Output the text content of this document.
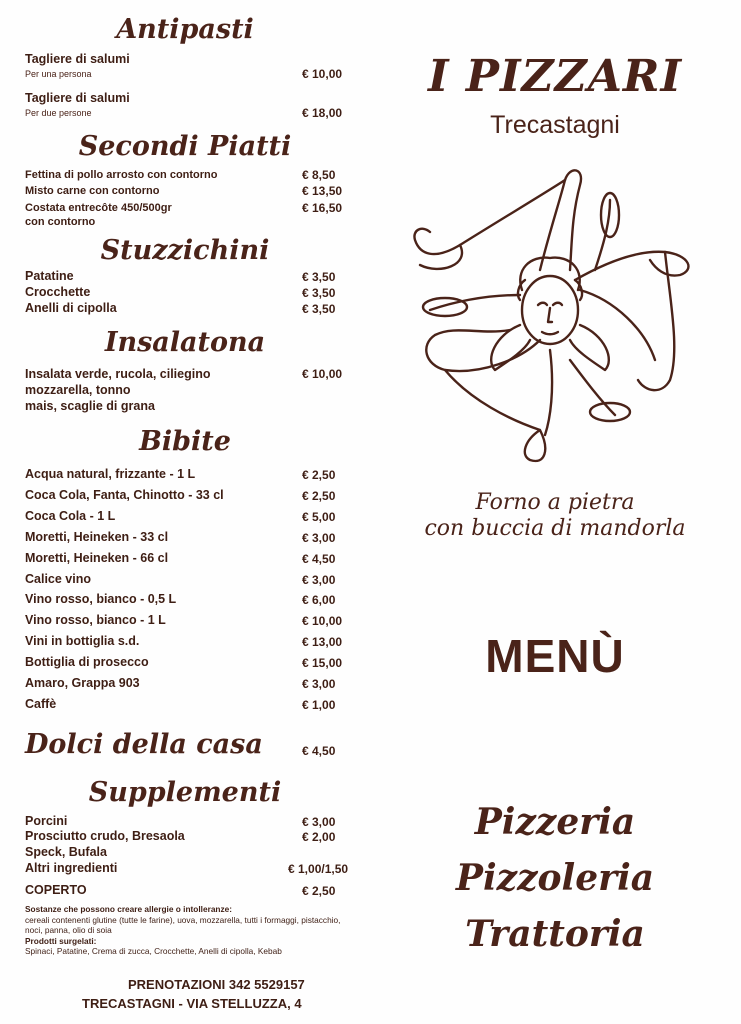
Antipasti
Tagliere di salumi
Per una persona	€ 10,00
Tagliere di salumi
Per due persone	€ 18,00
Secondi Piatti
Fettina di pollo arrosto con contorno	€ 8,50
Misto carne con contorno	€ 13,50
Costata entrecôte 450/500gr
con contorno
€ 16,50
Stuzzichini
Patatine	€ 3,50
Crocchette	€ 3,50
Anelli di cipolla	€ 3,50
Insalatona
Insalata verde, rucola, ciliegino
mozzarella, tonno
mais, scaglie di grana
€ 10,00
Bibite
Acqua natural, frizzante - 1 L	€ 2,50
Coca Cola, Fanta, Chinotto - 33 cl	€ 2,50
Coca Cola - 1 L	€ 5,00
Moretti, Heineken - 33 cl	€ 3,00
Moretti, Heineken - 66 cl	€ 4,50
Calice vino	€ 3,00
Vino rosso, bianco - 0,5 L	€ 6,00
Vino rosso, bianco - 1 L	€ 10,00
Vini in bottiglia s.d.	€ 13,00
Bottiglia di prosecco	€ 15,00
Amaro, Grappa 903	€ 3,00
Caffè	€ 1,00
Dolci della casa	€ 4,50
Supplementi
Porcini	€ 3,00
Prosciutto crudo, Bresaola	€ 2,00
Speck, Bufala
Altri ingredienti	€ 1,00/1,50
COPERTO	€ 2,50
Sostanze che possono creare allergie o intolleranze:
cereali contenenti glutine (tutte le farine), uova, mozzarella, tutti i formaggi, pistacchio, noci, panna, olio di soia
Prodotti surgelati:
Spinaci, Patatine, Crema di zucca, Crocchette, Anelli di cipolla, Kebab
PRENOTAZIONI 342 5529157
TRECASTAGNI - VIA STELLUZZA, 4
I PIZZARI
Trecastagni
Forno a pietra
con buccia di mandorla
MENÙ
Pizzeria
Pizzoleria
Trattoria
